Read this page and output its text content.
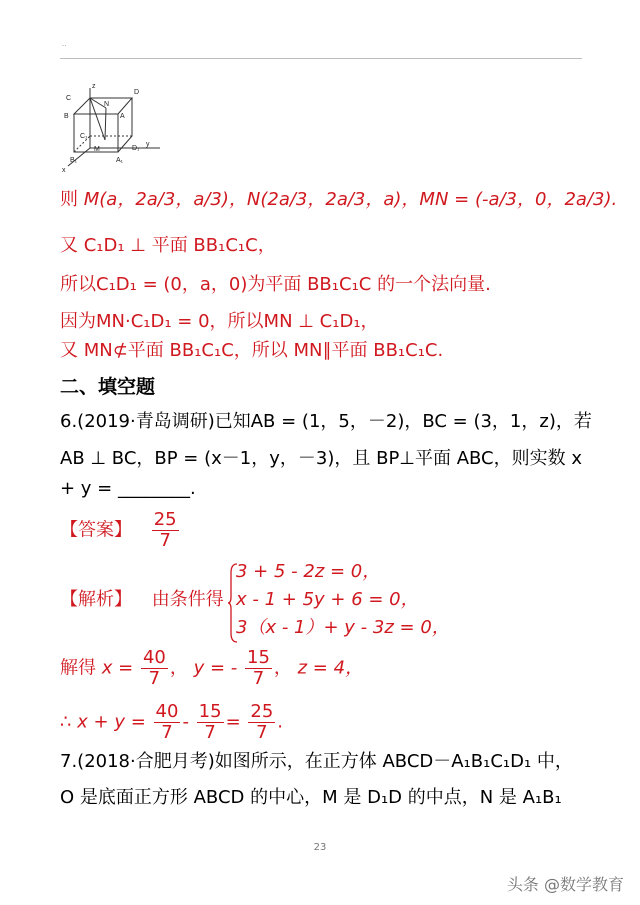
··
z
D
A
N
B
C
M
y
D₁
C₁
B₁	A₁
x
则 M(a，2a/3，a/3)，N(2a/3，2a/3，a)，MN = (-a/3，0，2a/3).
又 C₁D₁ ⊥ 平面 BB₁C₁C，
所以C₁D₁ = (0，a，0)为平面 BB₁C₁C 的一个法向量.
因为MN·C₁D₁ = 0，所以MN ⊥ C₁D₁，
又 MN⊄平面 BB₁C₁C，所以 MN∥平面 BB₁C₁C.
二、填空题
6.(2019·青岛调研)已知AB = (1，5，－2)，BC = (3，1，z)，若
AB ⊥ BC，BP = (x－1，y，－3)，且 BP⊥平面 ABC，则实数 x
+ y = ________.
【答案】 $\frac{25}{7}$
【解析】 由条件得
3 + 5 - 2z = 0，
x - 1 + 5y + 6 = 0，
3（x - 1）+ y - 3z = 0，
解得 $x = \frac{40}{7}$ ， y = - $\frac{15}{7}$ ， z = 4，
∴ $x + y = \frac{40}{7} - \frac{15}{7} = \frac{25}{7}$ .
7.(2018·合肥月考)如图所示，在正方体 ABCD－A₁B₁C₁D₁ 中，
O 是底面正方形 ABCD 的中心，M 是 D₁D 的中点，N 是 A₁B₁
23
头条 @数学教育
